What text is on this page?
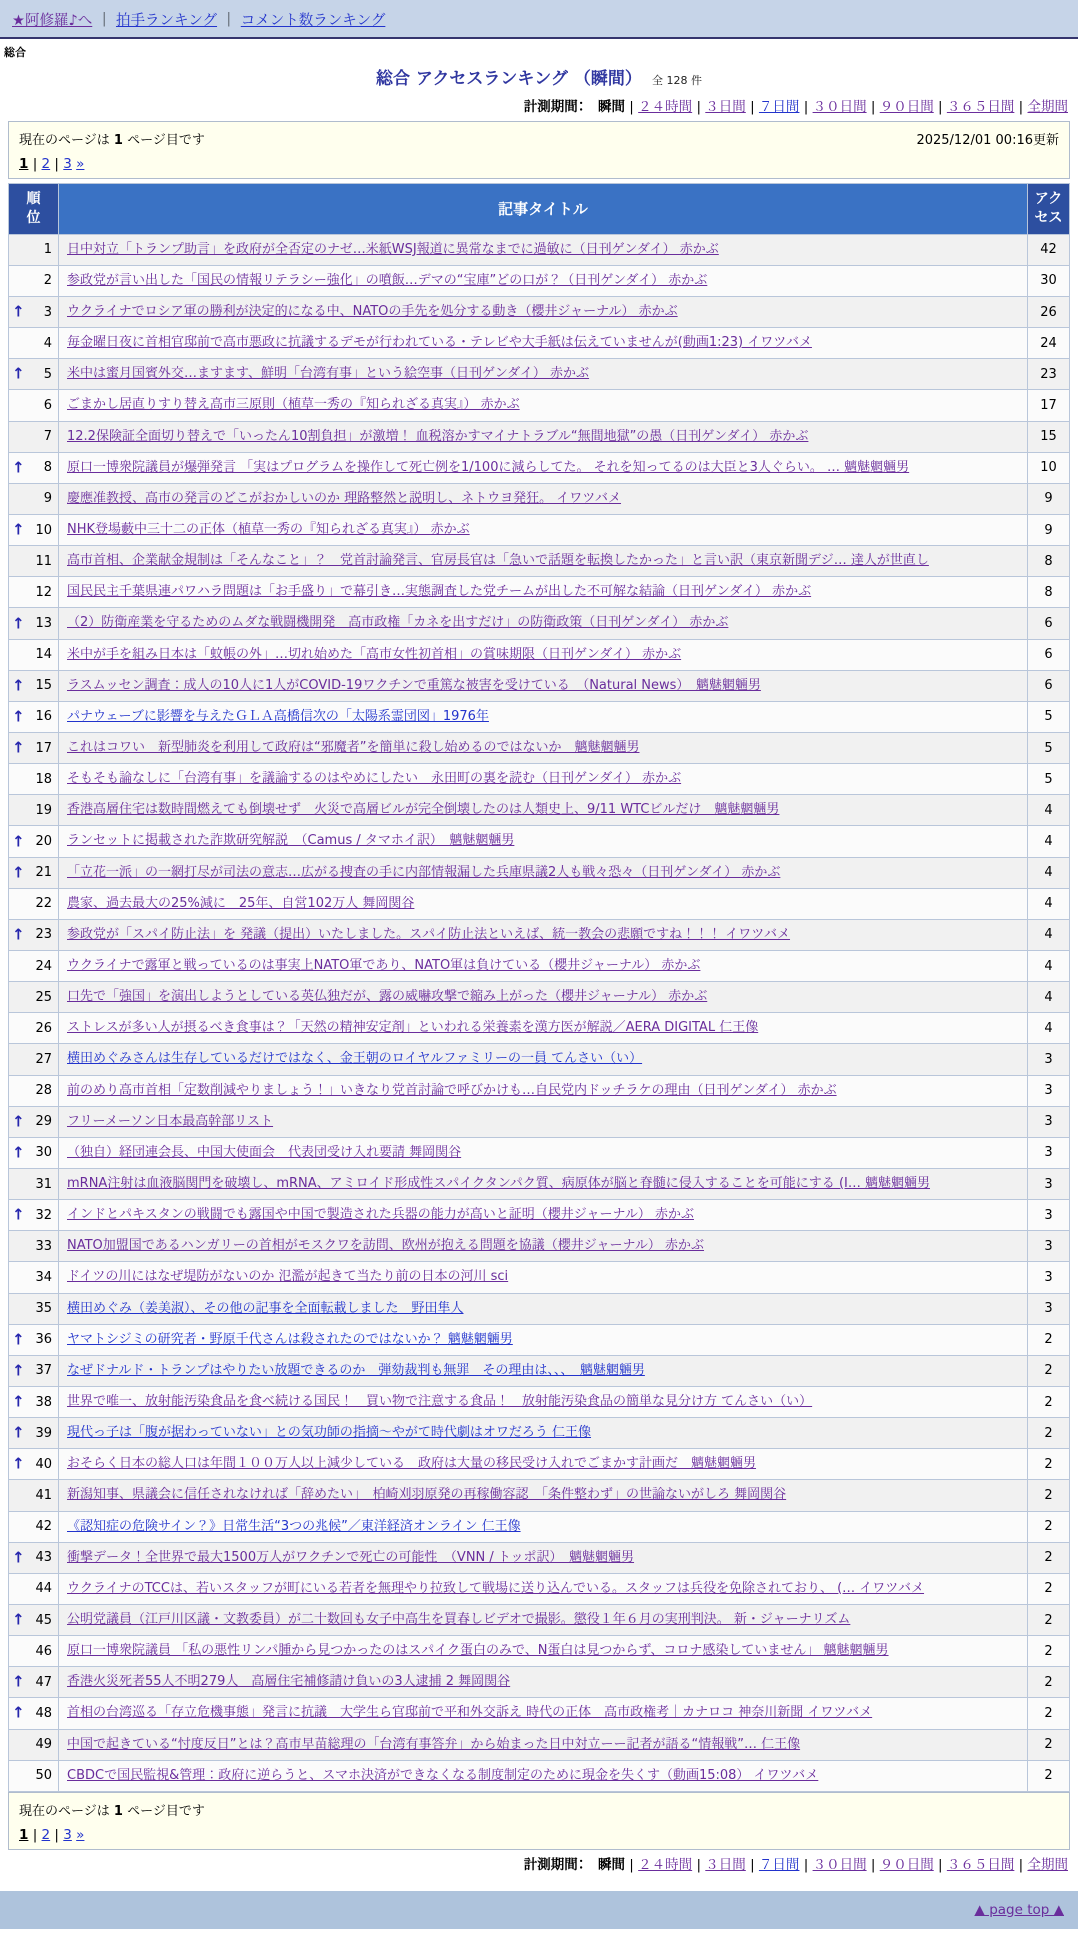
★阿修羅♪へ ｜ 拍手ランキング ｜ コメント数ランキング
総合
総合 アクセスランキング （瞬間） 全 128 件
計測期間：　瞬間 | ２４時間 | ３日間 | ７日間 | ３０日間 | ９０日間 | ３６５日間 | 全期間
現在のページは 1 ページ目です	2025/12/01 00:16更新
1 | 2 | 3 »
順位	記事タイトル	アクセス

1	日中対立「トランプ助言」を政府が全否定のナゼ…米紙WSJ報道に異常なまでに過敏に（日刊ゲンダイ） 赤かぶ	42
2	参政党が言い出した「国民の情報リテラシー強化」の噴飯…デマの“宝庫”どの口が？（日刊ゲンダイ） 赤かぶ	30

↑ 3	ウクライナでロシア軍の勝利が決定的になる中、NATOの手先を処分する動き（櫻井ジャーナル） 赤かぶ	26
4	毎金曜日夜に首相官邸前で高市悪政に抗議するデモが行われている・テレビや大手紙は伝えていませんが(動画1:23) イワツバメ	24

↑ 5	米中は蜜月国賓外交…ますます、鮮明「台湾有事」という絵空事（日刊ゲンダイ） 赤かぶ	23
6	ごまかし居直りすり替え高市三原則（植草一秀の『知られざる真実』） 赤かぶ	17
7	12.2保険証全面切り替えで「いったん10割負担」が激増！ 血税溶かすマイナトラブル“無間地獄”の愚（日刊ゲンダイ） 赤かぶ	15

↑ 8	原口一博衆院議員が爆弾発言 「実はプログラムを操作して死亡例を1/100に減らしてた。 それを知ってるのは大臣と3人ぐらい。 … 魑魅魍魎男	10
9	慶應准教授、高市の発言のどこがおかしいのか 理路整然と説明し、ネトウヨ発狂。 イワツバメ	9

↑ 10	NHK登場藪中三十二の正体（植草一秀の『知られざる真実』） 赤かぶ	9
11	高市首相、企業献金規制は「そんなこと」？　党首討論発言、官房長官は「急いで話題を転換したかった」と言い訳（東京新聞デジ… 達人が世直し	8
12	国民民主千葉県連パワハラ問題は「お手盛り」で幕引き…実態調査した党チームが出した不可解な結論（日刊ゲンダイ） 赤かぶ	8

↑ 13	（2）防衛産業を守るためのムダな戦闘機開発　高市政権「カネを出すだけ」の防衛政策（日刊ゲンダイ） 赤かぶ	6
14	米中が手を組み日本は「蚊帳の外」…切れ始めた「高市女性初首相」の賞味期限（日刊ゲンダイ） 赤かぶ	6

↑ 15	ラスムッセン調査：成人の10人に1人がCOVID-19ワクチンで重篤な被害を受けている　（Natural News）　魑魅魍魎男	6

↑ 16	パナウェーブに影響を与えたＧＬＡ高橋信次の「太陽系霊団図」1976年	5

↑ 17	これはコワい　新型肺炎を利用して政府は“邪魔者”を簡単に殺し始めるのではないか　魑魅魍魎男	5
18	そもそも論なしに「台湾有事」を議論するのはやめにしたい　永田町の裏を読む（日刊ゲンダイ） 赤かぶ	5
19	香港高層住宅は数時間燃えても倒壊せず　火災で高層ビルが完全倒壊したのは人類史上、9/11 WTCビルだけ　魑魅魍魎男	4

↑ 20	ランセットに掲載された詐欺研究解説　（Camus / タマホイ訳）　魑魅魍魎男	4

↑ 21	「立花一派」の一網打尽が司法の意志…広がる捜査の手に内部情報漏した兵庫県議2人も戦々恐々（日刊ゲンダイ） 赤かぶ	4
22	農家、過去最大の25%減に　25年、自営102万人 舞岡関谷	4

↑ 23	参政党が「スパイ防止法」を 発議（提出）いたしました。スパイ防止法といえば、統一教会の悲願ですね！！！ イワツバメ	4
24	ウクライナで露軍と戦っているのは事実上NATO軍であり、NATO軍は負けている（櫻井ジャーナル） 赤かぶ	4
25	口先で「強国」を演出しようとしている英仏独だが、露の威嚇攻撃で縮み上がった（櫻井ジャーナル） 赤かぶ	4
26	ストレスが多い人が摂るべき食事は？「天然の精神安定剤」といわれる栄養素を漢方医が解説／AERA DIGITAL 仁王像	4
27	横田めぐみさんは生存しているだけではなく、金王朝のロイヤルファミリーの一員 てんさい（い）	3
28	前のめり高市首相「定数削減やりましょう！」いきなり党首討論で呼びかけも…自民党内ドッチラケの理由（日刊ゲンダイ） 赤かぶ	3

↑ 29	フリーメーソン日本最高幹部リスト	3

↑ 30	（独自）経団連会長、中国大使面会　代表団受け入れ要請 舞岡関谷	3
31	mRNA注射は血液脳関門を破壊し、mRNA、アミロイド形成性スパイクタンパク質、病原体が脳と脊髄に侵入することを可能にする (I… 魑魅魍魎男	3

↑ 32	インドとパキスタンの戦闘でも露国や中国で製造された兵器の能力が高いと証明（櫻井ジャーナル） 赤かぶ	3
33	NATO加盟国であるハンガリーの首相がモスクワを訪問、欧州が抱える問題を協議（櫻井ジャーナル） 赤かぶ	3
34	ドイツの川にはなぜ堤防がないのか 氾濫が起きて当たり前の日本の河川 sci	3
35	横田めぐみ（姜美淑）、その他の記事を全面転載しました　野田隼人	3

↑ 36	ヤマトシジミの研究者・野原千代さんは殺されたのではないか？ 魑魅魍魎男	2

↑ 37	なぜドナルド・トランプはやりたい放題できるのか　弾劾裁判も無罪　その理由は、、、　魑魅魍魎男	2

↑ 38	世界で唯一、放射能汚染食品を食べ続ける国民！　買い物で注意する食品！　放射能汚染食品の簡単な見分け方 てんさい（い）	2

↑ 39	現代っ子は「腹が据わっていない」との気功師の指摘〜やがて時代劇はオワだろう 仁王像	2

↑ 40	おそらく日本の総人口は年間１００万人以上減少している　政府は大量の移民受け入れでごまかす計画だ　魑魅魍魎男	2
41	新潟知事、県議会に信任されなければ「辞めたい」　柏崎刈羽原発の再稼働容認　「条件整わず」の世論ないがしろ 舞岡関谷	2
42	《認知症の危険サイン？》日常生活“3つの兆候”／東洋経済オンライン 仁王像	2

↑ 43	衝撃データ！全世界で最大1500万人がワクチンで死亡の可能性　（VNN / トッポ訳）　魑魅魍魎男	2
44	ウクライナのTCCは、若いスタッフが町にいる若者を無理やり拉致して戦場に送り込んでいる。スタッフは兵役を免除されており、 (… イワツバメ	2

↑ 45	公明党議員（江戸川区議・文教委員）が二十数回も女子中高生を買春しビデオで撮影。懲役１年６月の実刑判決。 新・ジャーナリズム	2
46	原口一博衆院議員 「私の悪性リンパ腫から見つかったのはスパイク蛋白のみで、N蛋白は見つからず、コロナ感染していません」 魑魅魍魎男	2

↑ 47	香港火災死者55人不明279人　高層住宅補修請け負いの3人逮捕 2 舞岡関谷	2

↑ 48	首相の台湾巡る「存立危機事態」発言に抗議　大学生ら官邸前で平和外交訴え 時代の正体　高市政権考｜カナロコ 神奈川新聞 イワツバメ	2
49	中国で起きている“忖度反日”とは？高市早苗総理の「台湾有事答弁」から始まった日中対立ーー記者が語る“情報戦”… 仁王像	2
50	CBDCで国民監視&管理：政府に逆らうと、スマホ決済ができなくなる制度制定のために現金を失くす（動画15:08） イワツバメ	2
現在のページは 1 ページ目です
1 | 2 | 3 »
計測期間：　瞬間 | ２４時間 | ３日間 | ７日間 | ３０日間 | ９０日間 | ３６５日間 | 全期間
▲ page top ▲
